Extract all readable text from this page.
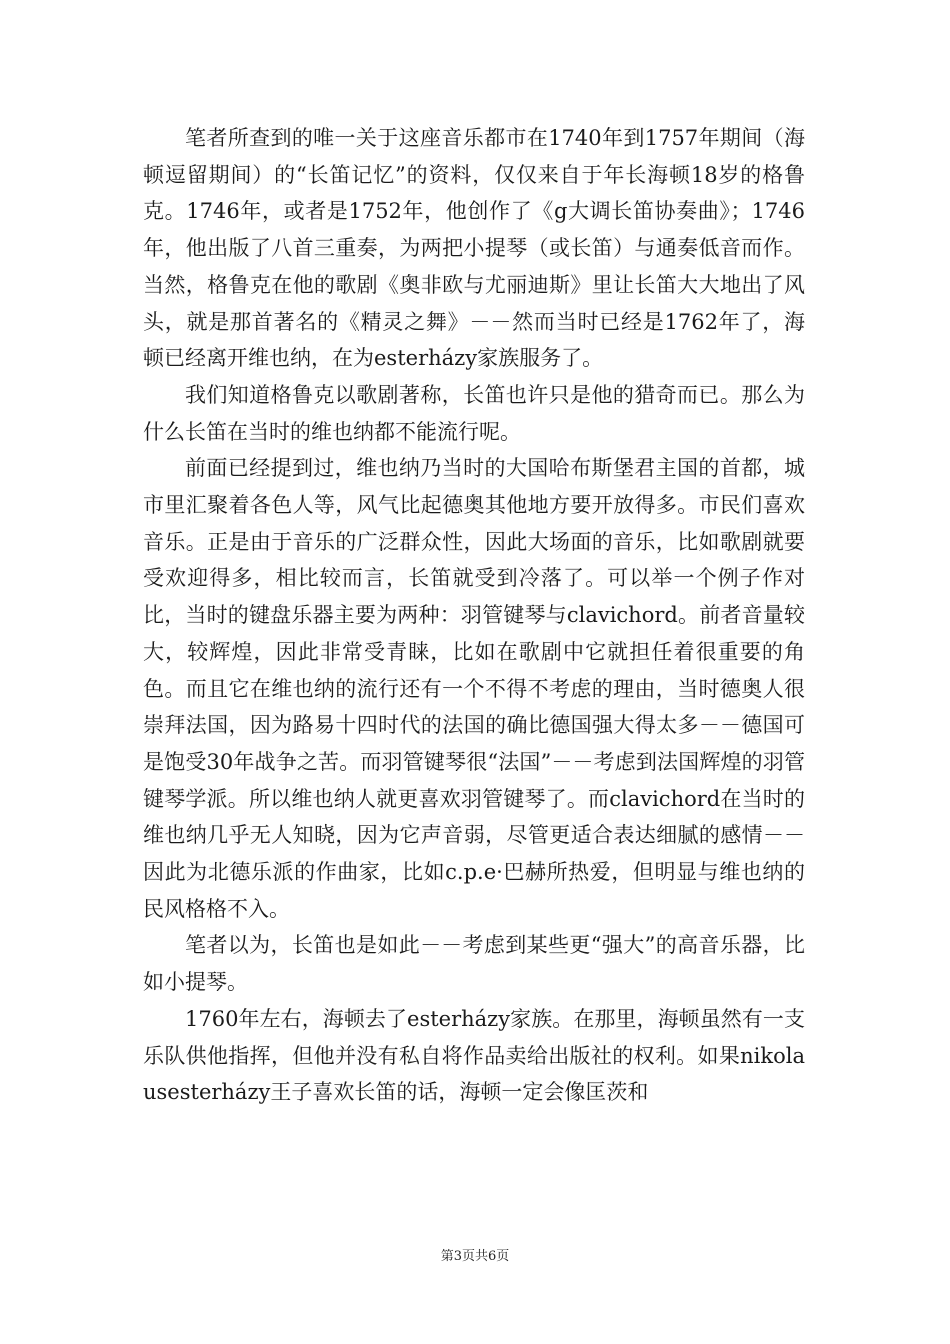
笔者所查到的唯一关于这座音乐都市在1740年到1757年期间（海顿逗留期间）的“长笛记忆”的资料，仅仅来自于年长海顿18岁的格鲁克。1746年，或者是1752年，他创作了《g大调长笛协奏曲》；1746年，他出版了八首三重奏，为两把小提琴（或长笛）与通奏低音而作。当然，格鲁克在他的歌剧《奥非欧与尤丽迪斯》里让长笛大大地出了风头，就是那首著名的《精灵之舞》－－然而当时已经是1762年了，海顿已经离开维也纳，在为esterházy家族服务了。

我们知道格鲁克以歌剧著称，长笛也许只是他的猎奇而已。那么为什么长笛在当时的维也纳都不能流行呢。

前面已经提到过，维也纳乃当时的大国哈布斯堡君主国的首都，城市里汇聚着各色人等，风气比起德奥其他地方要开放得多。市民们喜欢音乐。正是由于音乐的广泛群众性，因此大场面的音乐，比如歌剧就要受欢迎得多，相比较而言，长笛就受到冷落了。可以举一个例子作对比，当时的键盘乐器主要为两种：羽管键琴与clavichord。前者音量较大，较辉煌，因此非常受青睐，比如在歌剧中它就担任着很重要的角色。而且它在维也纳的流行还有一个不得不考虑的理由，当时德奥人很崇拜法国，因为路易十四时代的法国的确比德国强大得太多－－德国可是饱受30年战争之苦。而羽管键琴很“法国”－－考虑到法国辉煌的羽管键琴学派。所以维也纳人就更喜欢羽管键琴了。而clavichord在当时的维也纳几乎无人知晓，因为它声音弱，尽管更适合表达细腻的感情－－因此为北德乐派的作曲家，比如c.p.e·巴赫所热爱，但明显与维也纳的民风格格不入。

笔者以为，长笛也是如此－－考虑到某些更“强大”的高音乐器，比如小提琴。

1760年左右，海顿去了esterházy家族。在那里，海顿虽然有一支乐队供他指挥，但他并没有私自将作品卖给出版社的权利。如果nikolausesterházy王子喜欢长笛的话，海顿一定会像匡茨和

第3页共6页
